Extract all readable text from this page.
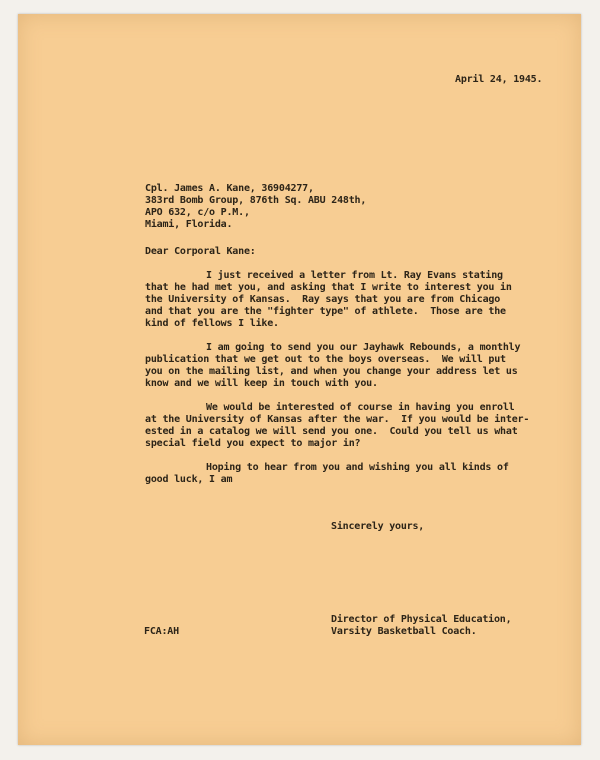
April 24, 1945.
Cpl. James A. Kane, 36904277,
383rd Bomb Group, 876th Sq. ABU 248th,
APO 632, c/o P.M.,
Miami, Florida.
Dear Corporal Kane:
I just received a letter from Lt. Ray Evans stating
that he had met you, and asking that I write to interest you in
the University of Kansas.  Ray says that you are from Chicago
and that you are the "fighter type" of athlete.  Those are the
kind of fellows I like.
I am going to send you our Jayhawk Rebounds, a monthly
publication that we get out to the boys overseas.  We will put
you on the mailing list, and when you change your address let us
know and we will keep in touch with you.
We would be interested of course in having you enroll
at the University of Kansas after the war.  If you would be inter-
ested in a catalog we will send you one.  Could you tell us what
special field you expect to major in?
Hoping to hear from you and wishing you all kinds of
good luck, I am
Sincerely yours,
Director of Physical Education,
Varsity Basketball Coach.
FCA:AH
